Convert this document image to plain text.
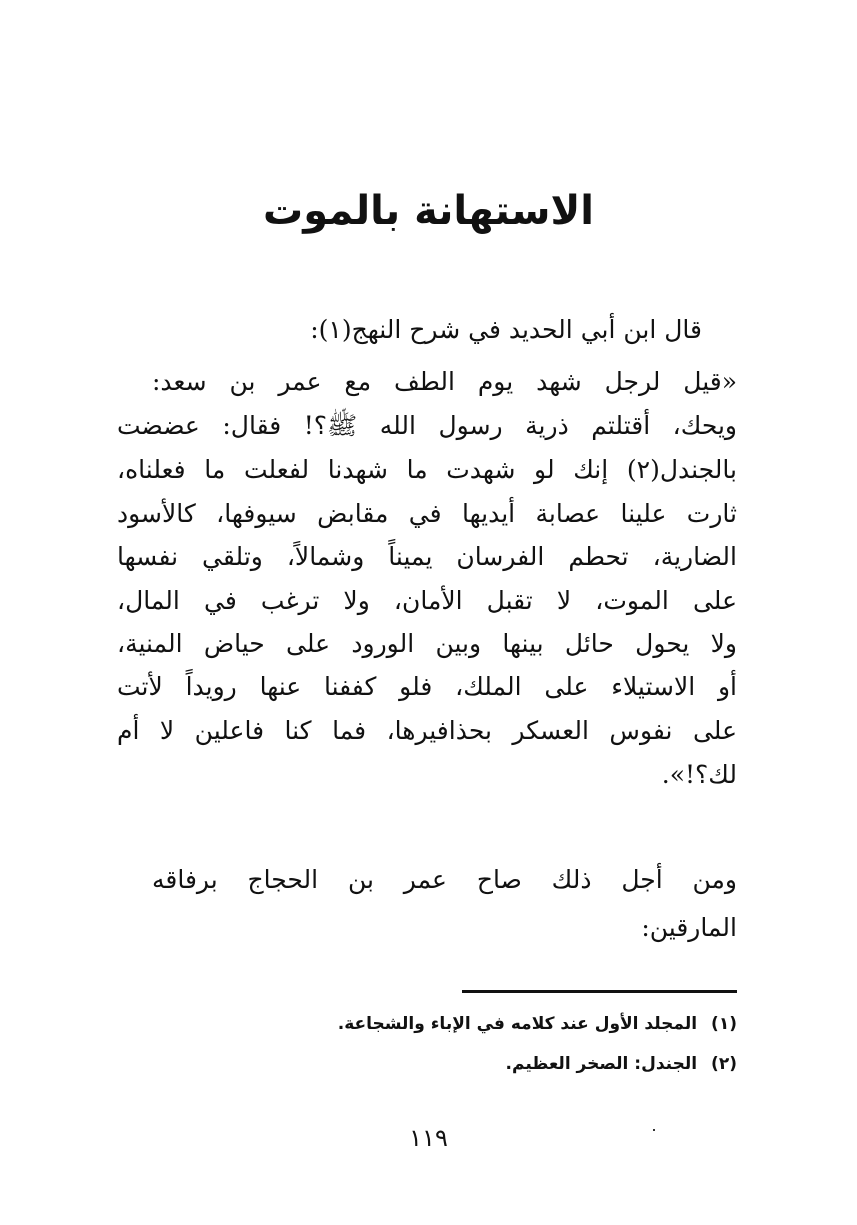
الاستهانة بالموت
قال ابن أبي الحديد في شرح النهج(١):
«قيل لرجل شهد يوم الطف مع عمر بن سعد:
ويحك، أقتلتم ذرية رسول الله ﷺ؟! فقال: عضضت
بالجندل(٢) إنك لو شهدت ما شهدنا لفعلت ما فعلناه،
ثارت علينا عصابة أيديها في مقابض سيوفها، كالأسود
الضارية، تحطم الفرسان يميناً وشمالاً، وتلقي نفسها
على الموت، لا تقبل الأمان، ولا ترغب في المال،
ولا يحول حائل بينها وبين الورود على حياض المنية،
أو الاستيلاء على الملك، فلو كففنا عنها رويداً لأتت
على نفوس العسكر بحذافيرها، فما كنا فاعلين لا أم
لك؟!».
ومن أجل ذلك صاح عمر بن الحجاج برفاقه
المارقين:
(١)المجلد الأول عند كلامه في الإباء والشجاعة.
(٢)الجندل: الصخر العظيم.
١١٩
